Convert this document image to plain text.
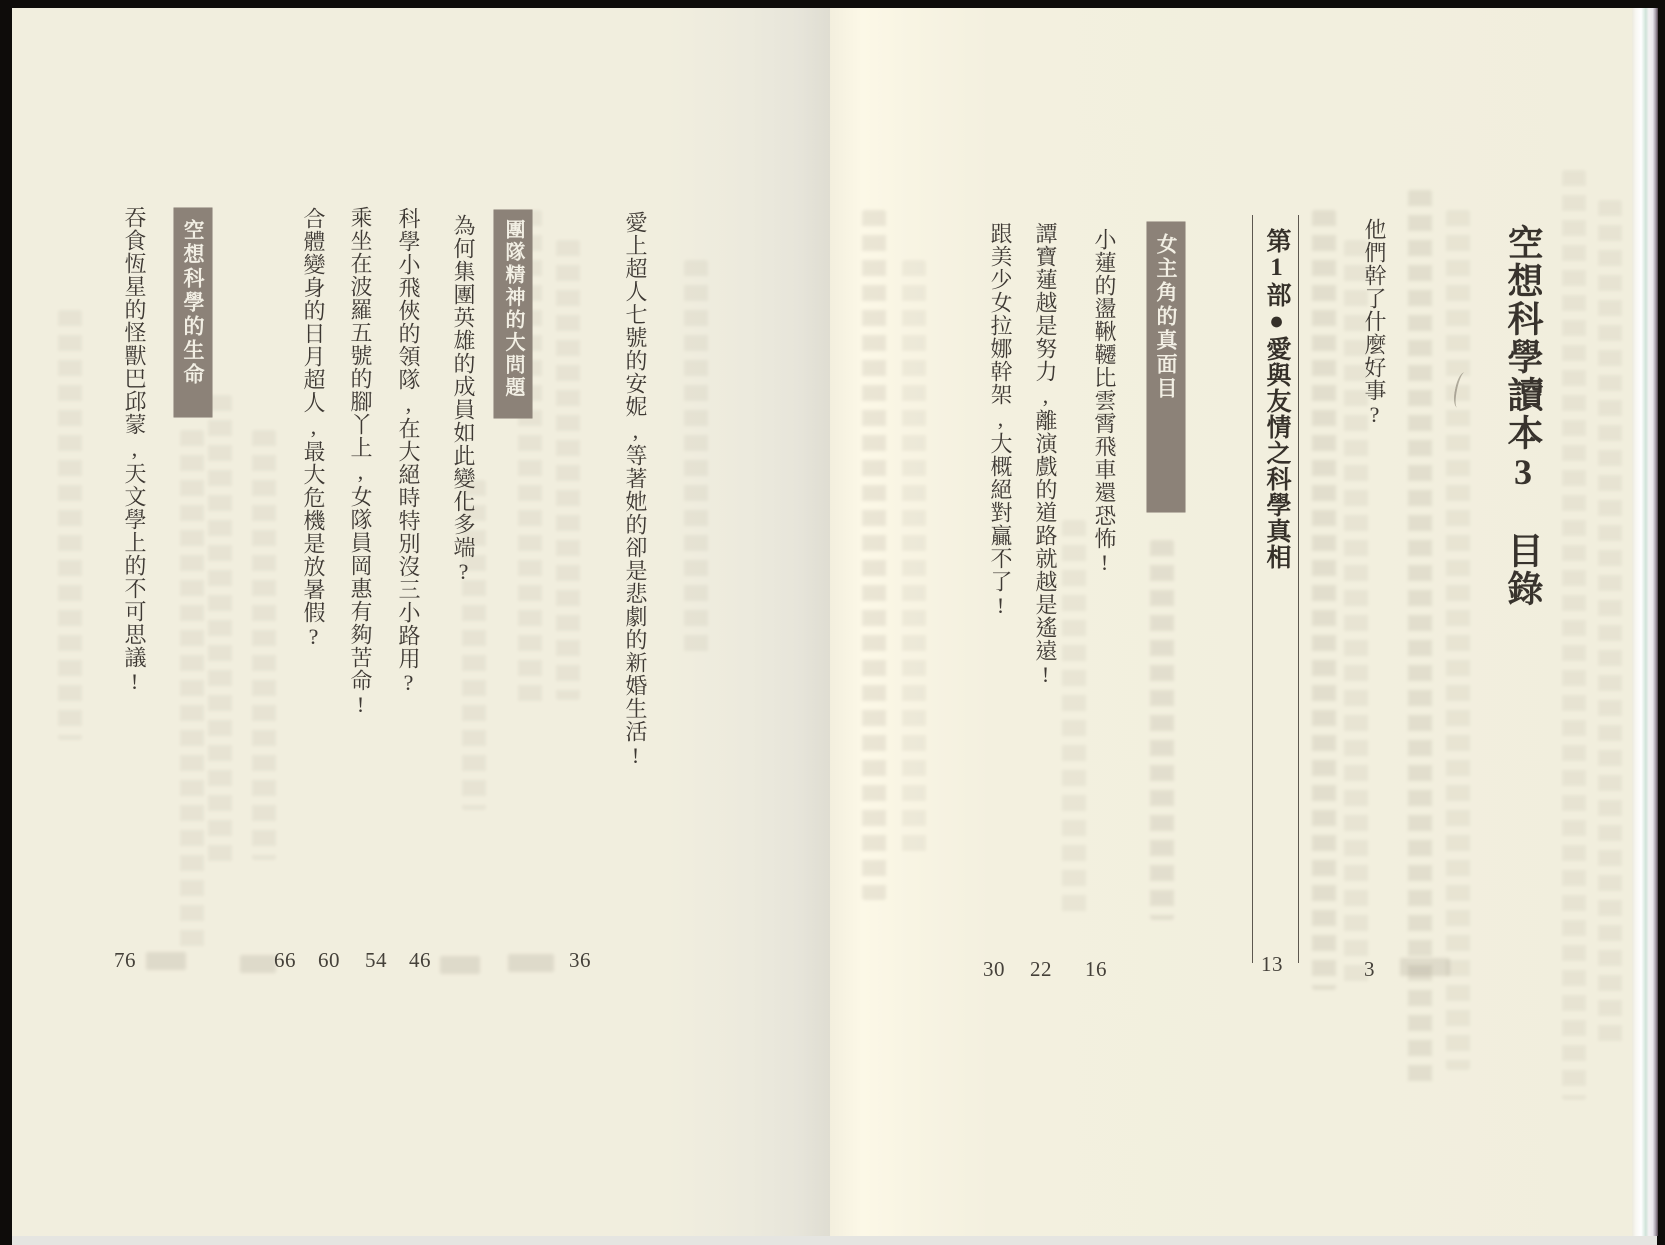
空想科學讀本3目錄
他們幹了什麼好事?
第1部●愛與友情之科學真相
女主角的真面目
小蓮的盪鞦韆比雲霄飛車還恐怖!
譚寶蓮越是努力,離演戲的道路就越是遙遠!
跟美少女拉娜幹架,大概絕對贏不了!
3
13
16
22
30
愛上超人七號的安妮,等著她的卻是悲劇的新婚生活!
團隊精神的大問題
為何集團英雄的成員如此變化多端?
科學小飛俠的領隊,在大絕時特別沒三小路用?
乘坐在波羅五號的腳丫上,女隊員岡惠有夠苦命!
合體變身的日月超人,最大危機是放暑假?
空想科學的生命
吞食恆星的怪獸巴邱蒙,天文學上的不可思議!
36
46
54
60
66
76
